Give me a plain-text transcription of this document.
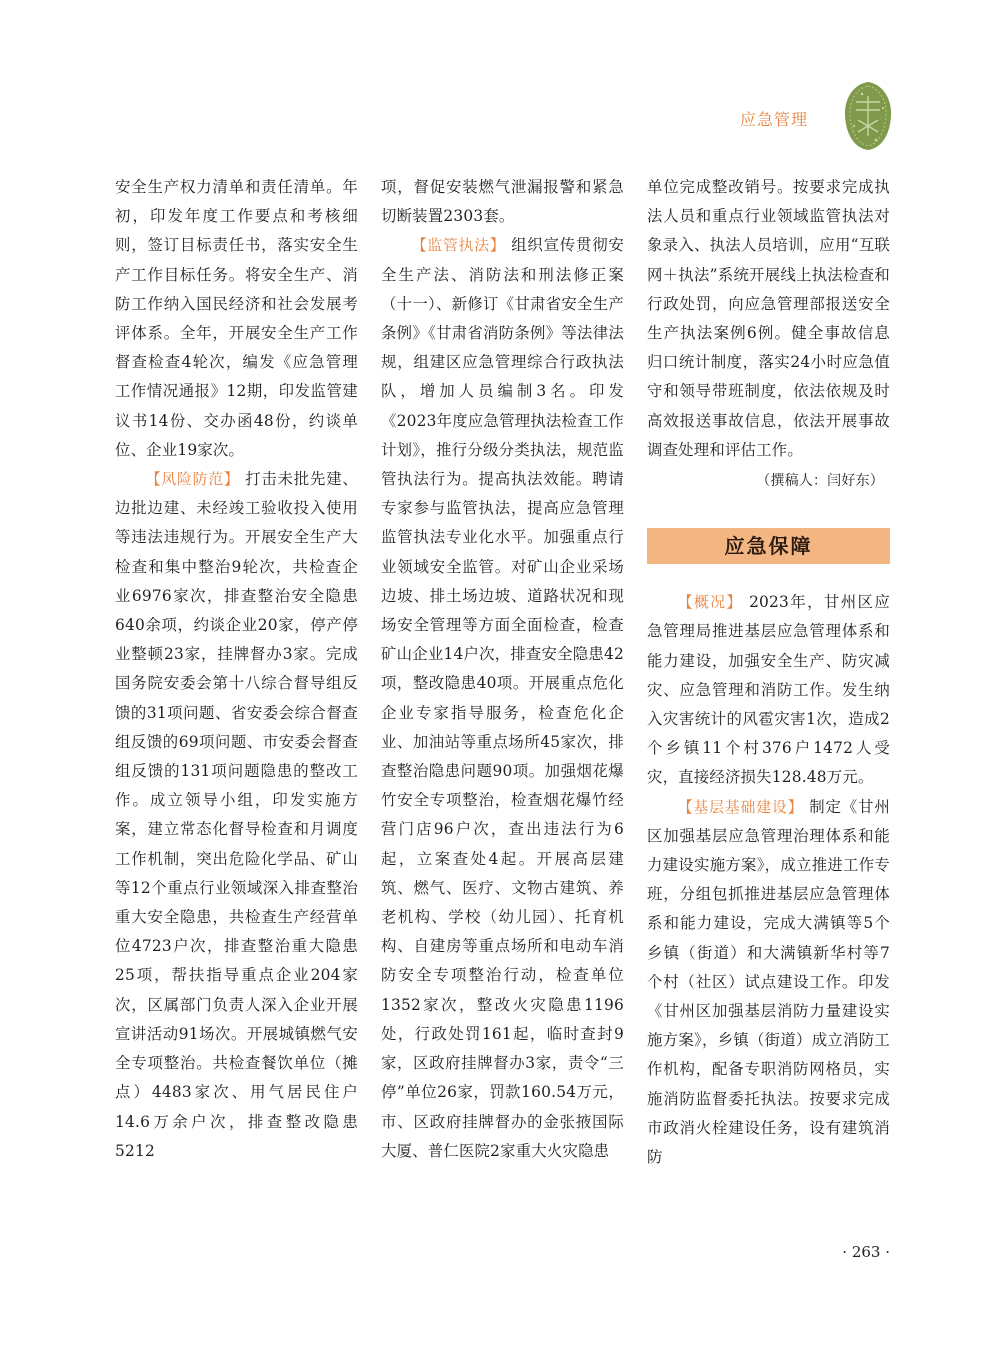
应急管理

安全生产权力清单和责任清单。年初，印发年度工作要点和考核细则，签订目标责任书，落实安全生产工作目标任务。将安全生产、消防工作纳入国民经济和社会发展考评体系。全年，开展安全生产工作督查检查4轮次，编发《应急管理工作情况通报》12期，印发监管建议书14份、交办函48份，约谈单位、企业19家次。

【风险防范】 打击未批先建、边批边建、未经竣工验收投入使用等违法违规行为。开展安全生产大检查和集中整治9轮次，共检查企业6976家次，排查整治安全隐患640余项，约谈企业20家，停产停业整顿23家，挂牌督办3家。完成国务院安委会第十八综合督导组反馈的31项问题、省安委会综合督查组反馈的69项问题、市安委会督查组反馈的131项问题隐患的整改工作。成立领导小组，印发实施方案，建立常态化督导检查和月调度工作机制，突出危险化学品、矿山等12个重点行业领域深入排查整治重大安全隐患，共检查生产经营单位4723户次，排查整治重大隐患25项，帮扶指导重点企业204家次，区属部门负责人深入企业开展宣讲活动91场次。开展城镇燃气安全专项整治。共检查餐饮单位（摊点）4483家次、用气居民住户14.6万余户次，排查整改隐患5212

项，督促安装燃气泄漏报警和紧急切断装置2303套。

【监管执法】 组织宣传贯彻安全生产法、消防法和刑法修正案（十一）、新修订《甘肃省安全生产条例》《甘肃省消防条例》等法律法规，组建区应急管理综合行政执法队，增加人员编制3名。印发《2023年度应急管理执法检查工作计划》，推行分级分类执法，规范监管执法行为。提高执法效能。聘请专家参与监管执法，提高应急管理监管执法专业化水平。加强重点行业领域安全监管。对矿山企业采场边坡、排土场边坡、道路状况和现场安全管理等方面全面检查，检查矿山企业14户次，排查安全隐患42项，整改隐患40项。开展重点危化企业专家指导服务，检查危化企业、加油站等重点场所45家次，排查整治隐患问题90项。加强烟花爆竹安全专项整治，检查烟花爆竹经营门店96户次，查出违法行为6起，立案查处4起。开展高层建筑、燃气、医疗、文物古建筑、养老机构、学校（幼儿园）、托育机构、自建房等重点场所和电动车消防安全专项整治行动，检查单位1352家次，整改火灾隐患1196处，行政处罚161起，临时查封9家，区政府挂牌督办3家，责令“三停”单位26家，罚款160.54万元，市、区政府挂牌督办的金张掖国际大厦、普仁医院2家重大火灾隐患

单位完成整改销号。按要求完成执法人员和重点行业领域监管执法对象录入、执法人员培训，应用“互联网＋执法”系统开展线上执法检查和行政处罚，向应急管理部报送安全生产执法案例6例。健全事故信息归口统计制度，落实24小时应急值守和领导带班制度，依法依规及时高效报送事故信息，依法开展事故调查处理和评估工作。

（撰稿人：闫好东）

应急保障

【概况】 2023年，甘州区应急管理局推进基层应急管理体系和能力建设，加强安全生产、防灾减灾、应急管理和消防工作。发生纳入灾害统计的风雹灾害1次，造成2个乡镇11个村376户1472人受灾，直接经济损失128.48万元。

【基层基础建设】 制定《甘州区加强基层应急管理治理体系和能力建设实施方案》，成立推进工作专班，分组包抓推进基层应急管理体系和能力建设，完成大满镇等5个乡镇（街道）和大满镇新华村等7个村（社区）试点建设工作。印发《甘州区加强基层消防力量建设实施方案》，乡镇（街道）成立消防工作机构，配备专职消防网格员，实施消防监督委托执法。按要求完成市政消火栓建设任务，设有建筑消防

· 263 ·
